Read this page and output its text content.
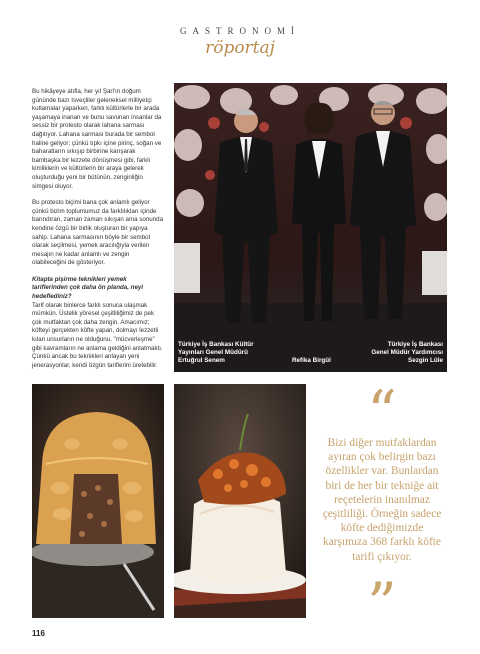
GASTRONOMİ
röportaj

Bu hikâyeye atıfla, her yıl Şarl'ın doğum gününde bazı Isveçliler geleneksel milliyetçi kutlamalar yaparken, farklı kültürlerle bir arada yaşamaya inanan ve bunu savunan insanlar da sessiz bir protesto olarak lahana sarması dağıtıyor. Lahana sarması burada bir sembol haline geliyor; çünkü tıpkı içine pirinç, soğan ve baharatların sıkışıp birbirine karışarak bambaşka bir lezzete dönüşmesi gibi, farklı kimliklerin ve kültürlerin bir araya gelerek oluşturduğu yeni bir bütünün, zenginliğin simgesi oluyor.

Bu protesto biçimi bana çok anlamlı geliyor çünkü bizim toplumumuz da farklılıkları içinde barındıran, zaman zaman sıkışan ama sonunda kendine özgü bir birlik oluşturan bir yapıya sahip. Lahana sarmasının böyle bir sembol olarak seçilmesi, yemek aracılığıyla verilen mesajın ne kadar anlamlı ve zengin olabileceğini de gösteriyor.

Kitapta pişirme teknikleri yemek tariflerinden çok daha ön planda, neyi hedeflediniz?

Tarif olarak binlerce farklı sonuca ulaşmak mümkün. Üstelik yöresel çeşitliliğimiz de pek çok mutfaktan çok daha zengin. Amacımız; köfteyi gerçekten köfte yapan, dolmayı lezzetli kılan unsurların ne olduğunu, "mücverleşme" gibi kavramların ne anlama geldiğini anlatmaktı. Çünkü ancak bu teknikleri anlayan yeni jenerasyonlar, kendi özgün tariflerini üretebilir.

Türkiye İş Bankası Kültür
Yayınları Genel Müdürü
Ertuğrul Senem	Refika Birgül
Türkiye İş Bankası
Genel Müdür Yardımcısı
Sezgin Lüle
“
Bizi diğer mutfaklardan ayıran çok belirgin bazı özellikler var. Bunlardan biri de her bir tekniğe ait reçetelerin inanılmaz çeşitliliği. Örneğin sadece köfte dediğimizde karşımıza 368 farklı köfte tarifi çıkıyor.
”
116
